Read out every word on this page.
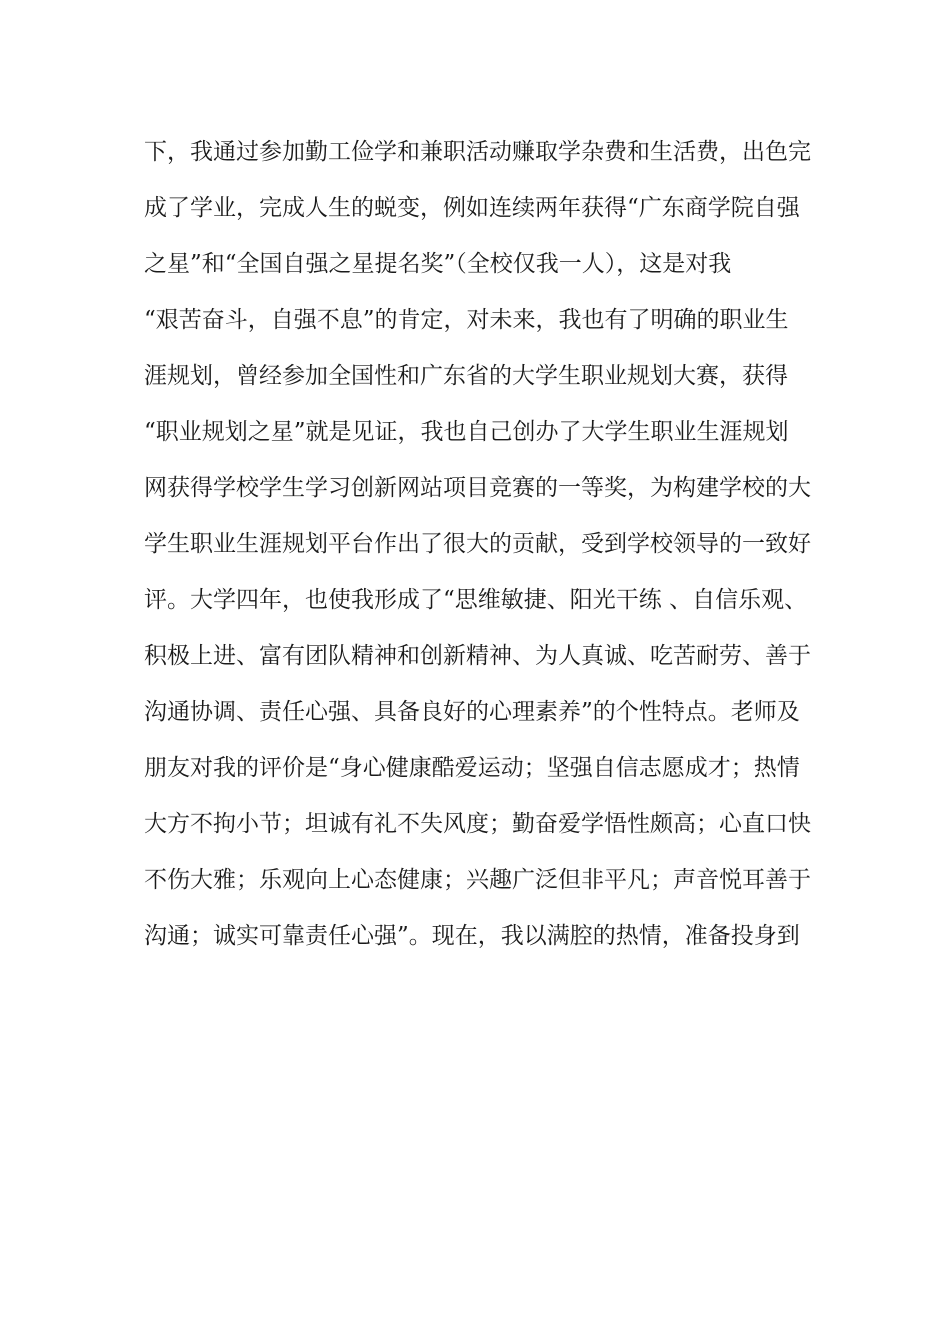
下，我通过参加勤工俭学和兼职活动赚取学杂费和生活费，出色完
成了学业，完成人生的蜕变，例如连续两年获得“广东商学院自强
之星”和“全国自强之星提名奖”（全校仅我一人），这是对我
“艰苦奋斗，自强不息”的肯定，对未来，我也有了明确的职业生
涯规划，曾经参加全国性和广东省的大学生职业规划大赛，获得
“职业规划之星”就是见证，我也自己创办了大学生职业生涯规划
网获得学校学生学习创新网站项目竞赛的一等奖，为构建学校的大
学生职业生涯规划平台作出了很大的贡献，受到学校领导的一致好
评。大学四年，也使我形成了“思维敏捷、阳光干练 、自信乐观、
积极上进、富有团队精神和创新精神、为人真诚、吃苦耐劳、善于
沟通协调、责任心强、具备良好的心理素养”的个性特点。老师及
朋友对我的评价是“身心健康酷爱运动；坚强自信志愿成才；热情
大方不拘小节；坦诚有礼不失风度；勤奋爱学悟性颇高；心直口快
不伤大雅；乐观向上心态健康；兴趣广泛但非平凡；声音悦耳善于
沟通；诚实可靠责任心强”。现在，我以满腔的热情，准备投身到
